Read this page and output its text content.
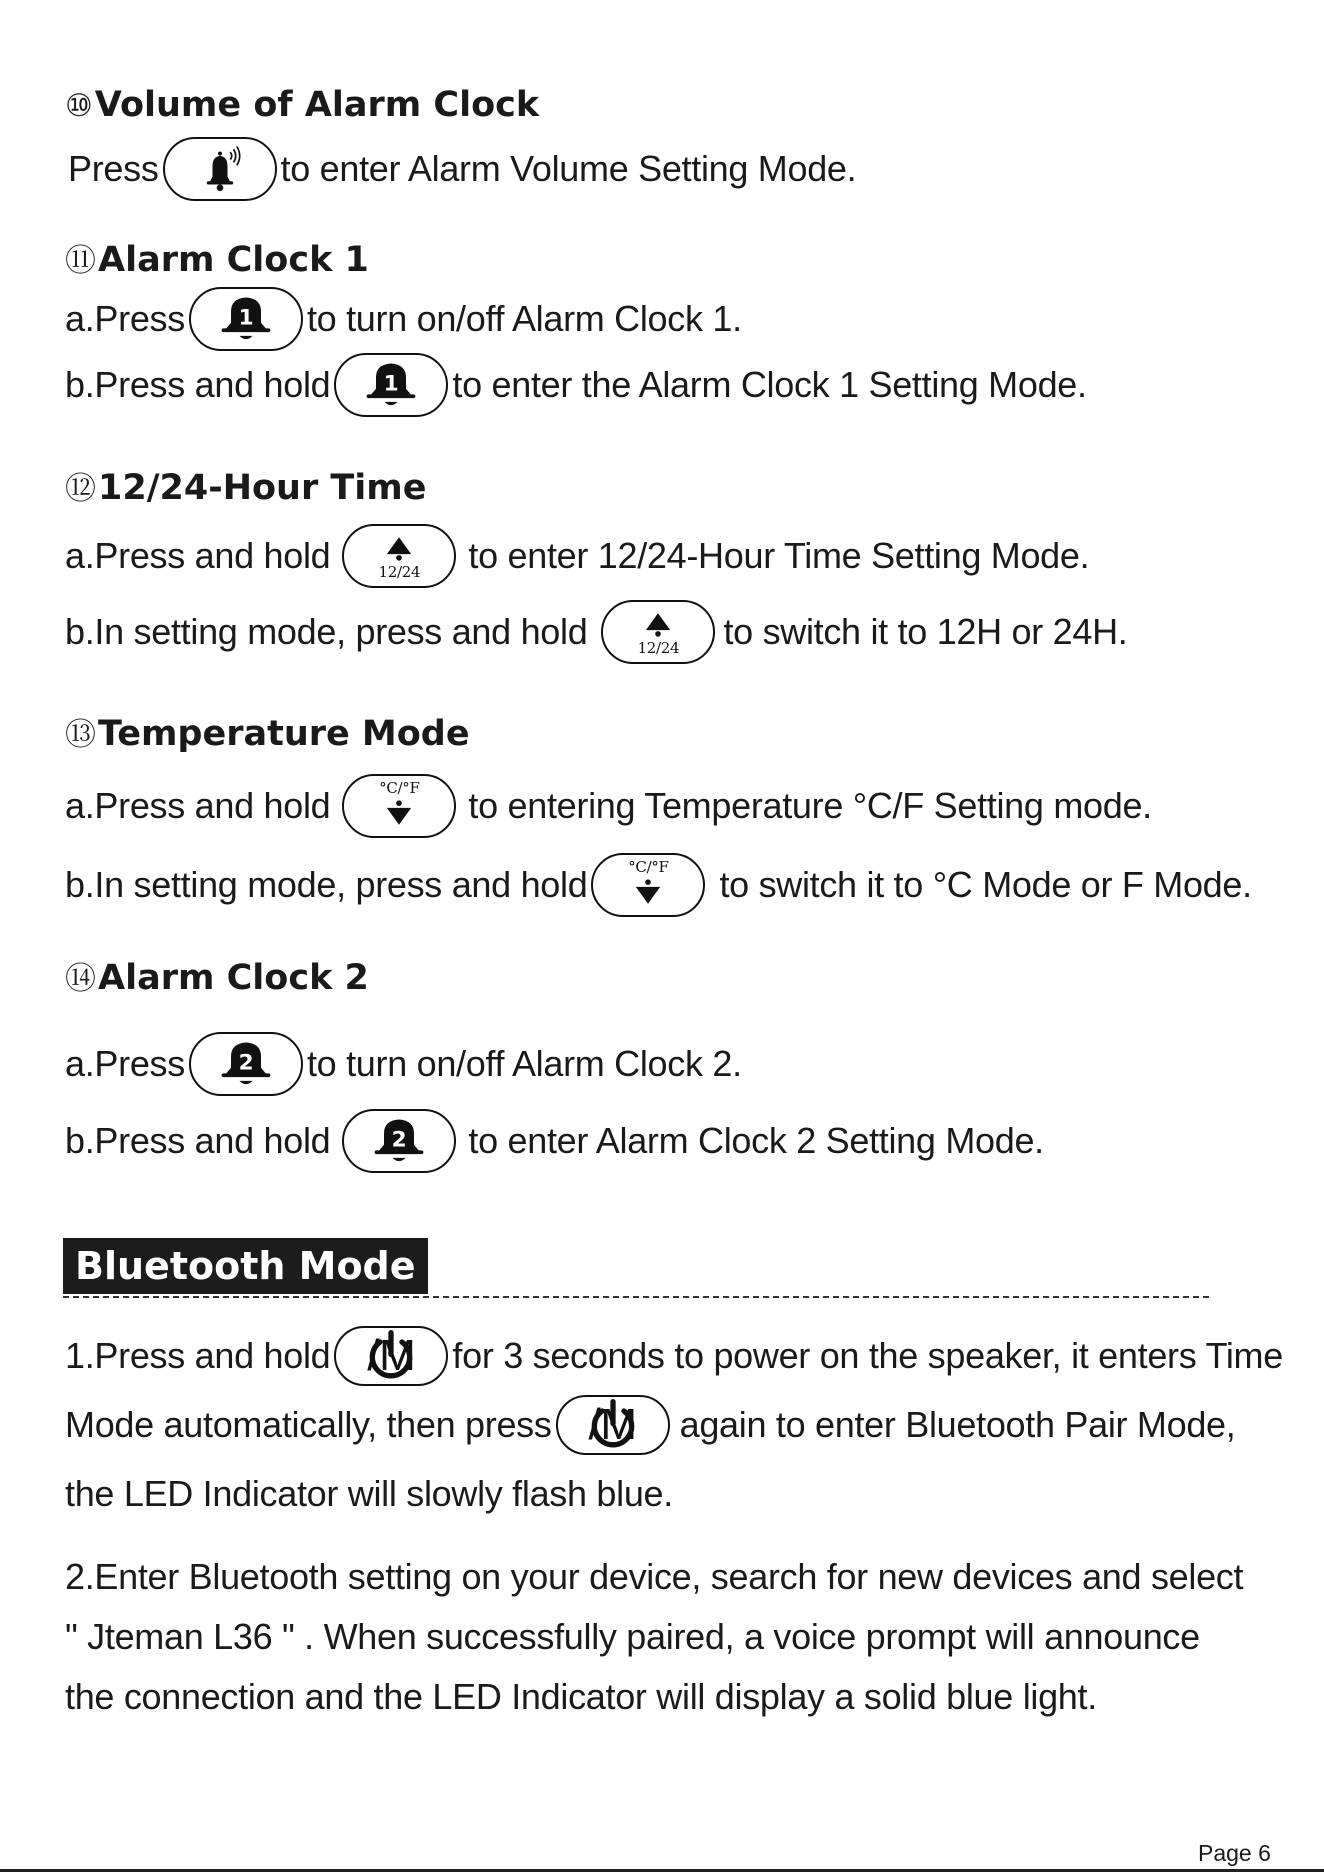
⑩Volume of Alarm Clock
Press	to enter Alarm Volume Setting Mode.
⑪Alarm Clock 1
a.Press 1 to turn on/off Alarm Clock 1.
b.Press and hold 1 to enter the Alarm Clock 1 Setting Mode.
⑫12/24-Hour Time
a.Press and hold	12/24	to enter 12/24-Hour Time Setting Mode.
b.In setting mode, press and hold	12/24	to switch it to 12H or 24H.
⑬Temperature Mode
a.Press and hold	°C/°F	to entering Temperature °C/F Setting mode.
b.In setting mode, press and hold	°C/°F	to switch it to °C Mode or F Mode.
⑭Alarm Clock 2
a.Press 2 to turn on/off Alarm Clock 2.
b.Press and hold	2 to enter Alarm Clock 2 Setting Mode.
Bluetooth Mode
1.Press and hold /M for 3 seconds to power on the speaker, it enters Time
Mode automatically, then press /M again to enter Bluetooth Pair Mode,
the LED Indicator will slowly flash blue.
2.Enter Bluetooth setting on your device, search for new devices and select
" Jteman L36 " . When successfully paired, a voice prompt will announce
the connection and the LED Indicator will display a solid blue light.
Page 6
